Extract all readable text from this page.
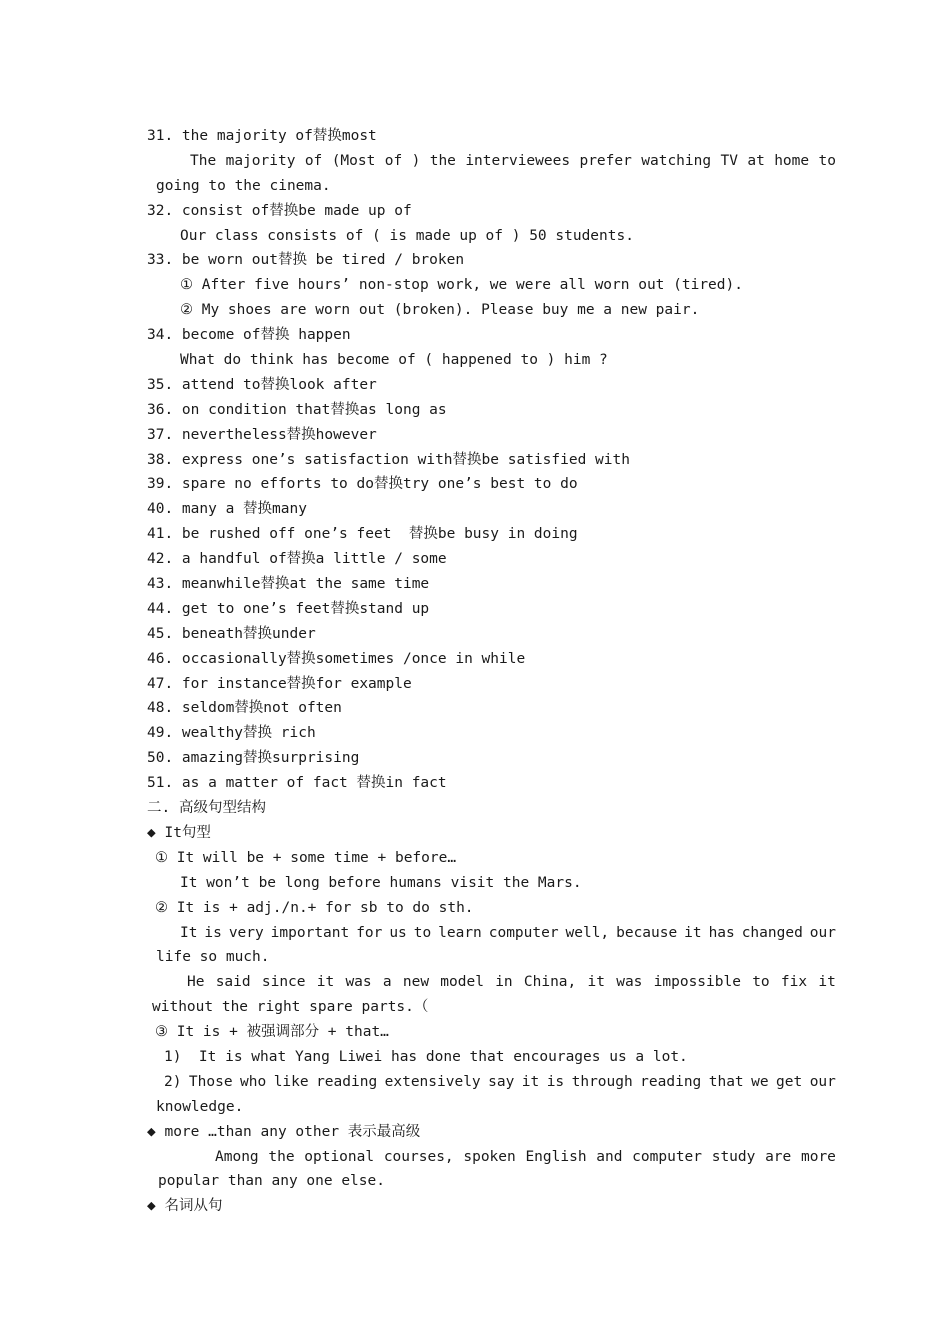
31. the majority of替换most
The majority of (Most of ) the interviewees prefer watching TV at home to
going to the cinema.
32. consist of替换be made up of
Our class consists of ( is made up of ) 50 students.
33. be worn out替换 be tired / broken
① After five hours’ non-stop work, we were all worn out (tired).
② My shoes are worn out (broken). Please buy me a new pair.
34. become of替换 happen
What do think has become of ( happened to ) him ?
35. attend to替换look after
36. on condition that替换as long as
37. nevertheless替换however
38. express one’s satisfaction with替换be satisfied with
39. spare no efforts to do替换try one’s best to do
40. many a 替换many
41. be rushed off one’s feet  替换be busy in doing
42. a handful of替换a little / some
43. meanwhile替换at the same time
44. get to one’s feet替换stand up
45. beneath替换under
46. occasionally替换sometimes /once in while
47. for instance替换for example
48. seldom替换not often
49. wealthy替换 rich
50. amazing替换surprising
51. as a matter of fact 替换in fact
二. 高级句型结构
◆ It句型
① It will be + some time + before…
It won’t be long before humans visit the Mars.
② It is + adj./n.+ for sb to do sth.
It is very important for us to learn computer well, because it has changed our
life so much.
He said since it was a new model in China, it was impossible to fix it
without the right spare parts.（
③ It is + 被强调部分 + that…
1)  It is what Yang Liwei has done that encourages us a lot.
2) Those who like reading extensively say it is through reading that we get our
knowledge.
◆ more …than any other 表示最高级
Among the optional courses, spoken English and computer study are more
popular than any one else.
◆ 名词从句
